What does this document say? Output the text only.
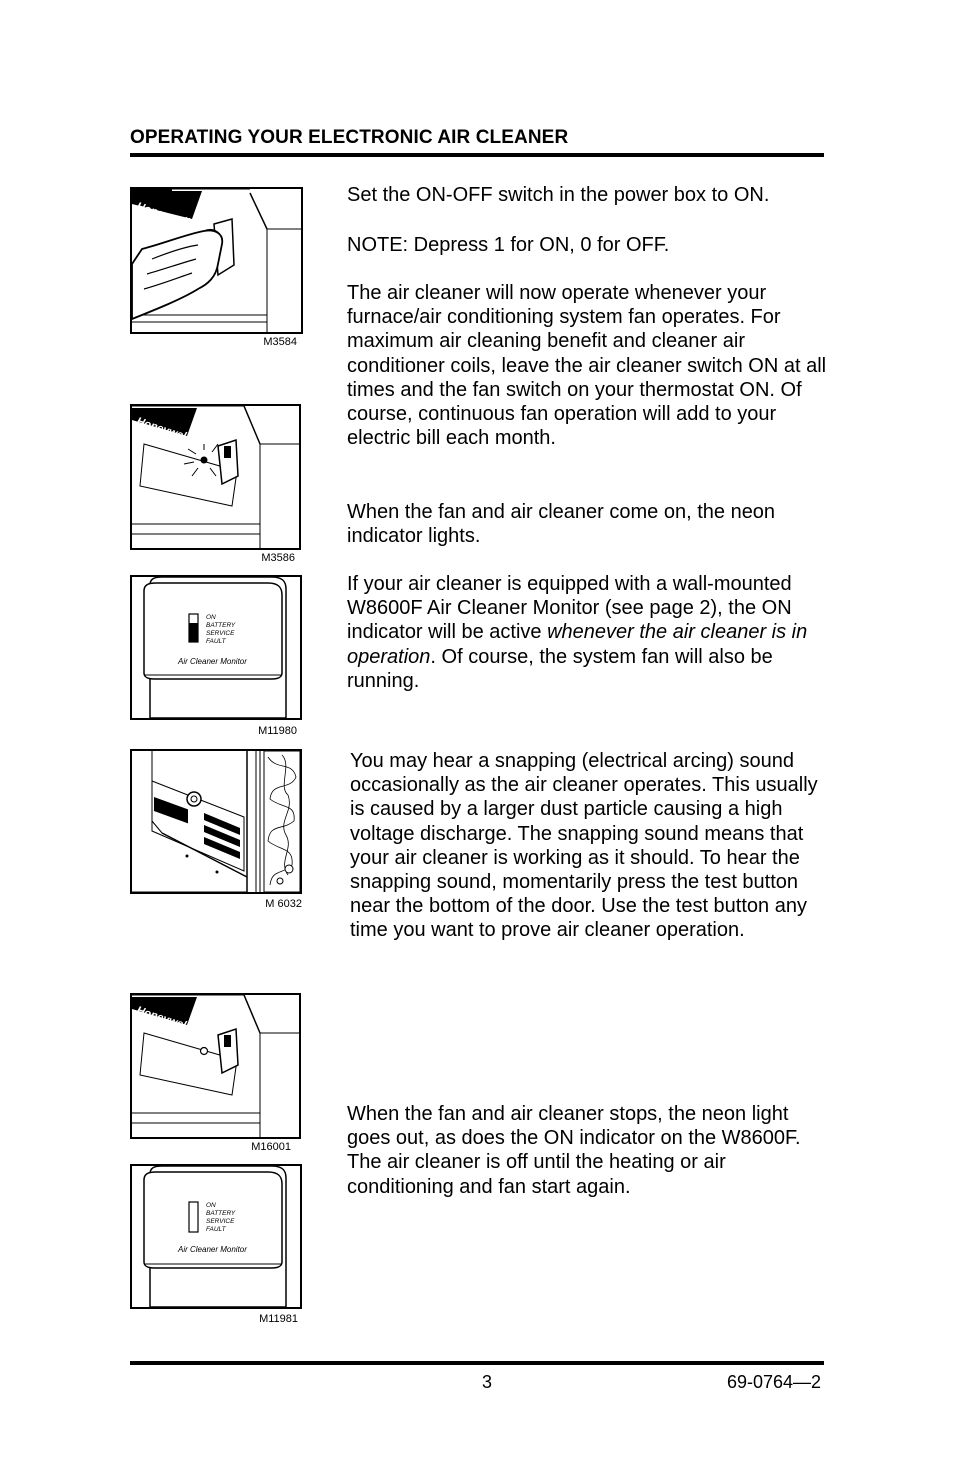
OPERATING YOUR ELECTRONIC AIR CLEANER
Honeywell
M3584
Set the ON-OFF switch in the power box to ON.
NOTE: Depress 1 for ON, 0 for OFF.
The air cleaner will now operate whenever your furnace/air conditioning system fan operates. For maximum air cleaning benefit and cleaner air conditioner coils, leave the air cleaner switch ON at all times and the fan switch on your thermostat ON. Of course, continuous fan operation will add to your electric bill each month.
Honeywell
M3586
When the fan and air cleaner come on, the neon indicator lights.
ON
BATTERY
SERVICE
FAULT
Air Cleaner Monitor
M11980
If your air cleaner is equipped with a wall-mounted W8600F Air Cleaner Monitor (see page 2), the ON indicator will be active whenever the air cleaner is in operation. Of course, the system fan will also be running.
M 6032
You may hear a snapping (electrical arcing) sound occasionally as the air cleaner operates. This usually is caused by a larger dust particle causing a high voltage discharge. The snapping sound means that your air cleaner is working as it should. To hear the snapping sound, momentarily press the test button near the bottom of the door. Use the test button any time you want to prove air cleaner operation.
Honeywell
M16001
When the fan and air cleaner stops, the neon light goes out, as does the ON indicator on the W8600F. The air cleaner is off until the heating or air conditioning and fan start again.
ON
BATTERY
SERVICE
FAULT
Air Cleaner Monitor
M11981
3	69-0764—2
